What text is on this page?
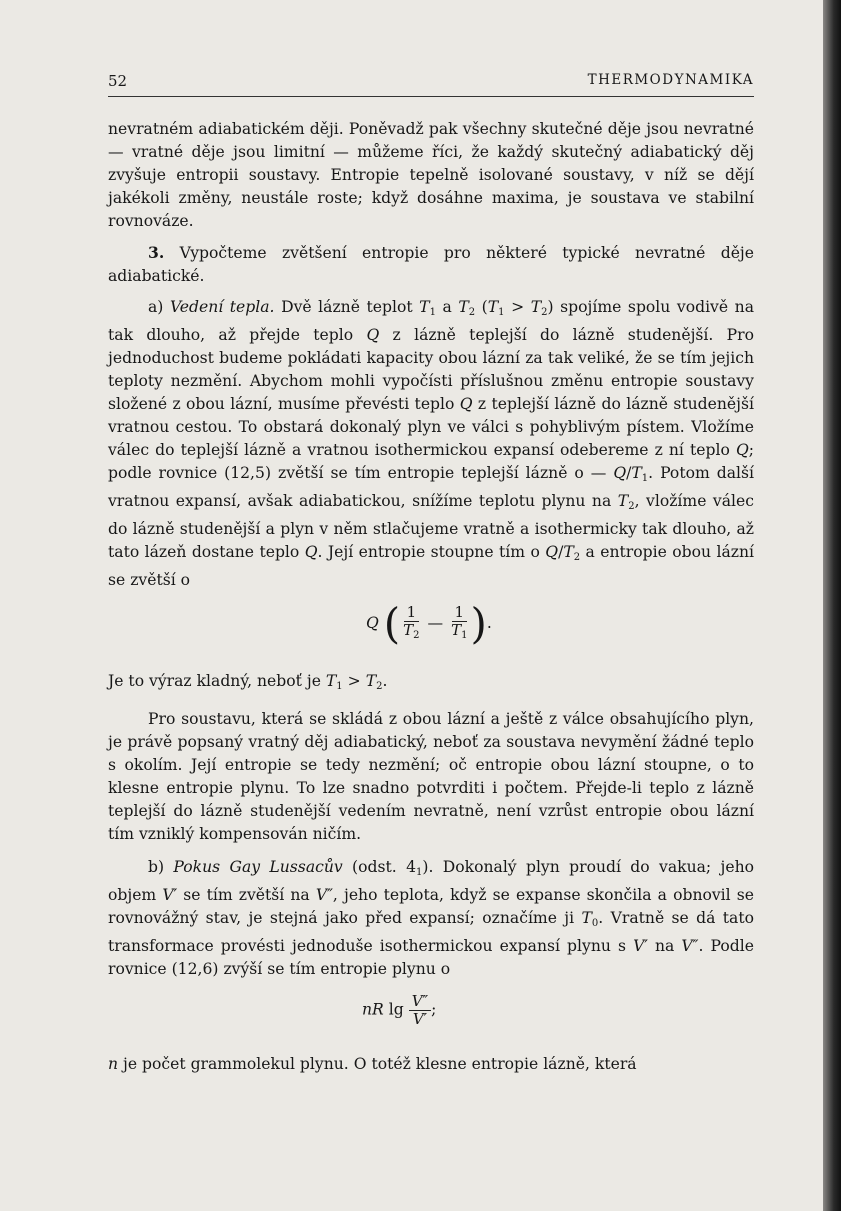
52	THERMODYNAMIKA

nevratném adiabatickém ději. Poněvadž pak všechny skutečné děje jsou nevratné — vratné děje jsou limitní — můžeme říci, že každý skutečný adiabatický děj zvyšuje entropii soustavy. Entropie tepelně isolované soustavy, v níž se dějí jakékoli změny, neustále roste; když dosáhne maxima, je soustava ve stabilní rovnováze.

3. Vypočteme zvětšení entropie pro některé typické nevratné děje adiabatické.

a) Vedení tepla. Dvě lázně teplot $T_1$ a $T_2$ $(T_1 > T_2)$ spojíme spolu vodivě na tak dlouho, až přejde teplo Q z lázně teplejší do lázně studenější. Pro jednoduchost budeme pokládati kapacity obou lázní za tak veliké, že se tím jejich teploty nezmění. Abychom mohli vypočísti příslušnou změnu entropie soustavy složené z obou lázní, musíme převésti teplo Q z teplejší lázně do lázně studenější vratnou cestou. To obstará dokonalý plyn ve válci s pohyblivým pístem. Vložíme válec do teplejší lázně a vratnou isothermickou expansí odebereme z ní teplo Q; podle rovnice (12,5) zvětší se tím entropie teplejší lázně o — $Q/T_1$. Potom další vratnou expansí, avšak adiabatickou, snížíme teplotu plynu na $T_2$, vložíme válec do lázně studenější a plyn v něm stlačujeme vratně a isothermicky tak dlouho, až tato lázeň dostane teplo Q. Její entropie stoupne tím o $Q/T_2$ a entropie obou lázní se zvětší o

Q ( $\frac{1}{T_2}$ — $\frac{1}{T_1}$ ).

Je to výraz kladný, neboť je $T_1 > T_2$.

Pro soustavu, která se skládá z obou lázní a ještě z válce obsahujícího plyn, je právě popsaný vratný děj adiabatický, neboť za soustava nevymění žádné teplo s okolím. Její entropie se tedy nezmění; oč entropie obou lázní stoupne, o to klesne entropie plynu. To lze snadno potvrditi i počtem. Přejde-li teplo z lázně teplejší do lázně studenější vedením nevratně, není vzrůst entropie obou lázní tím vzniklý kompensován ničím.

b) Pokus Gay Lussacův (odst. $4_1$). Dokonalý plyn proudí do vakua; jeho objem V′ se tím zvětší na V″, jeho teplota, když se expanse skončila a obnovil se rovnovážný stav, je stejná jako před expansí; označíme ji $T_0$. Vratně se dá tato transformace provésti jednoduše isothermickou expansí plynu s V′ na V″. Podle rovnice (12,6) zvýší se tím entropie plynu o

nR $\lg \frac{V''}{V'}$ ;

n je počet grammolekul plynu. O totéž klesne entropie lázně, která
